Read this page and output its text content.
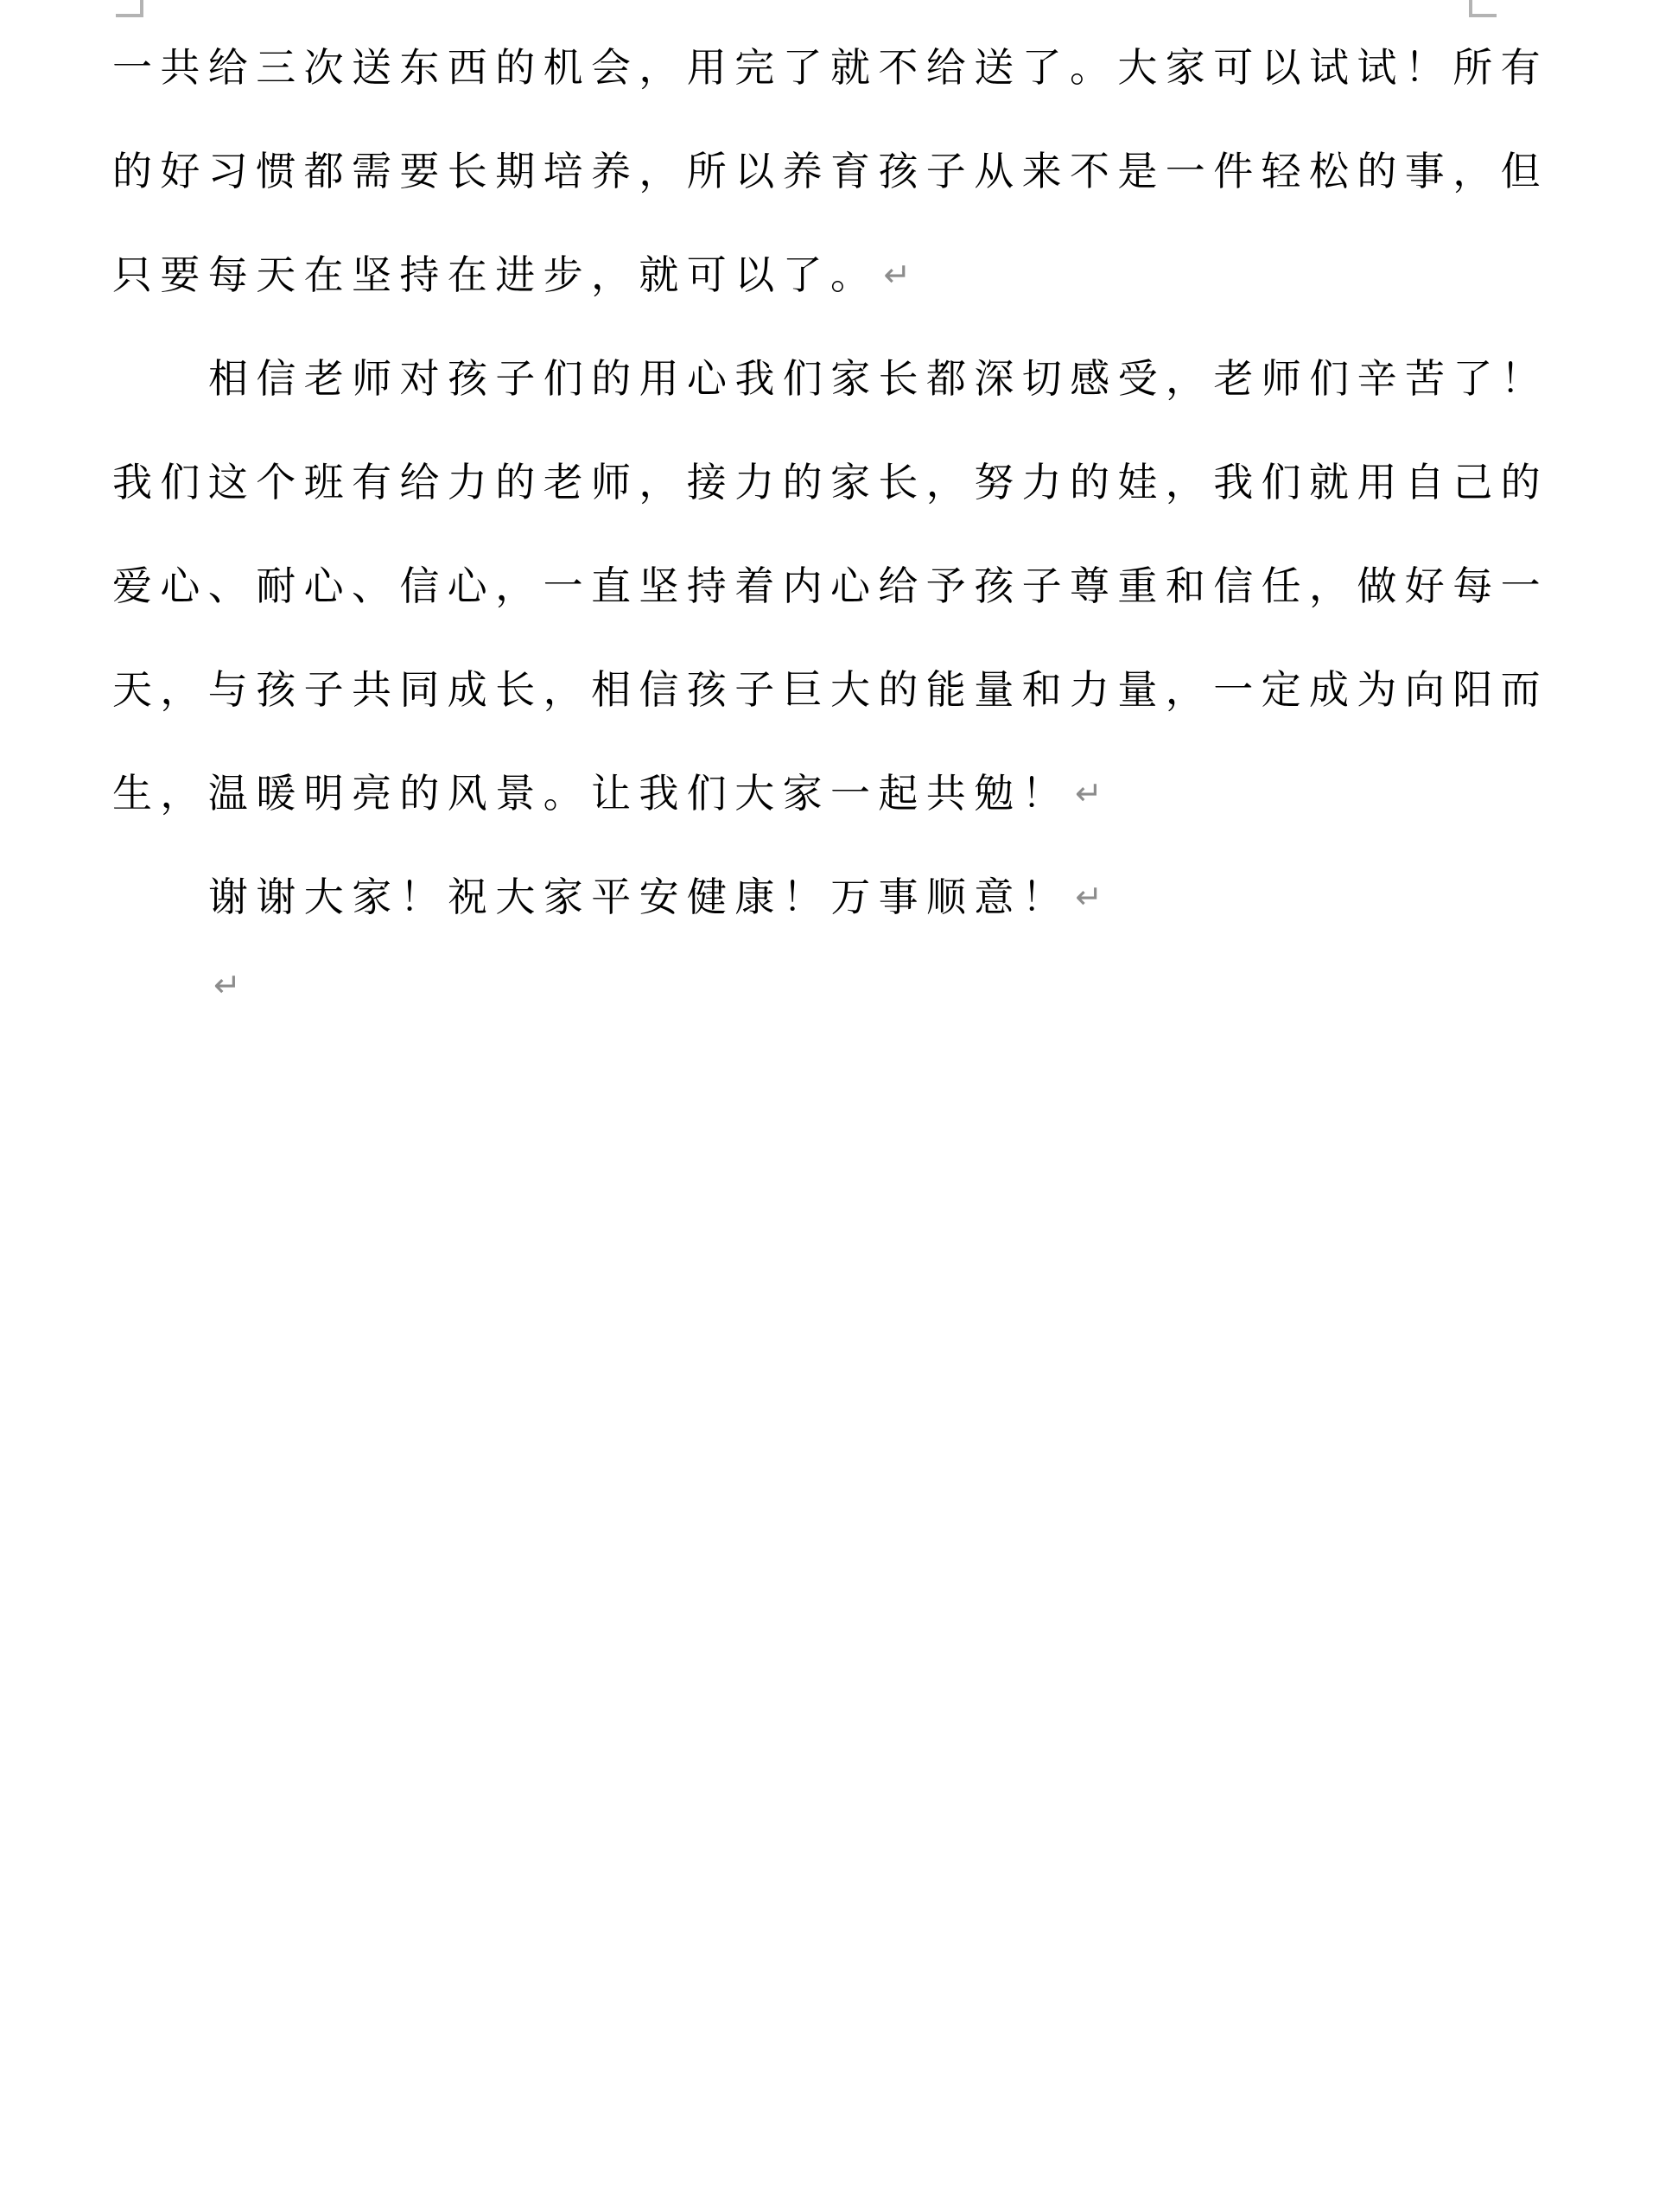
一共给三次送东西的机会，用完了就不给送了。大家可以试试！所有
的好习惯都需要长期培养，所以养育孩子从来不是一件轻松的事，但
只要每天在坚持在进步，就可以了。 ↵
相信老师对孩子们的用心我们家长都深切感受，老师们辛苦了！
我们这个班有给力的老师，接力的家长，努力的娃，我们就用自己的
爱心、耐心、信心，一直坚持着内心给予孩子尊重和信任，做好每一
天，与孩子共同成长，相信孩子巨大的能量和力量，一定成为向阳而
生，温暖明亮的风景。让我们大家一起共勉！ ↵
谢谢大家！祝大家平安健康！万事顺意！ ↵
↵
